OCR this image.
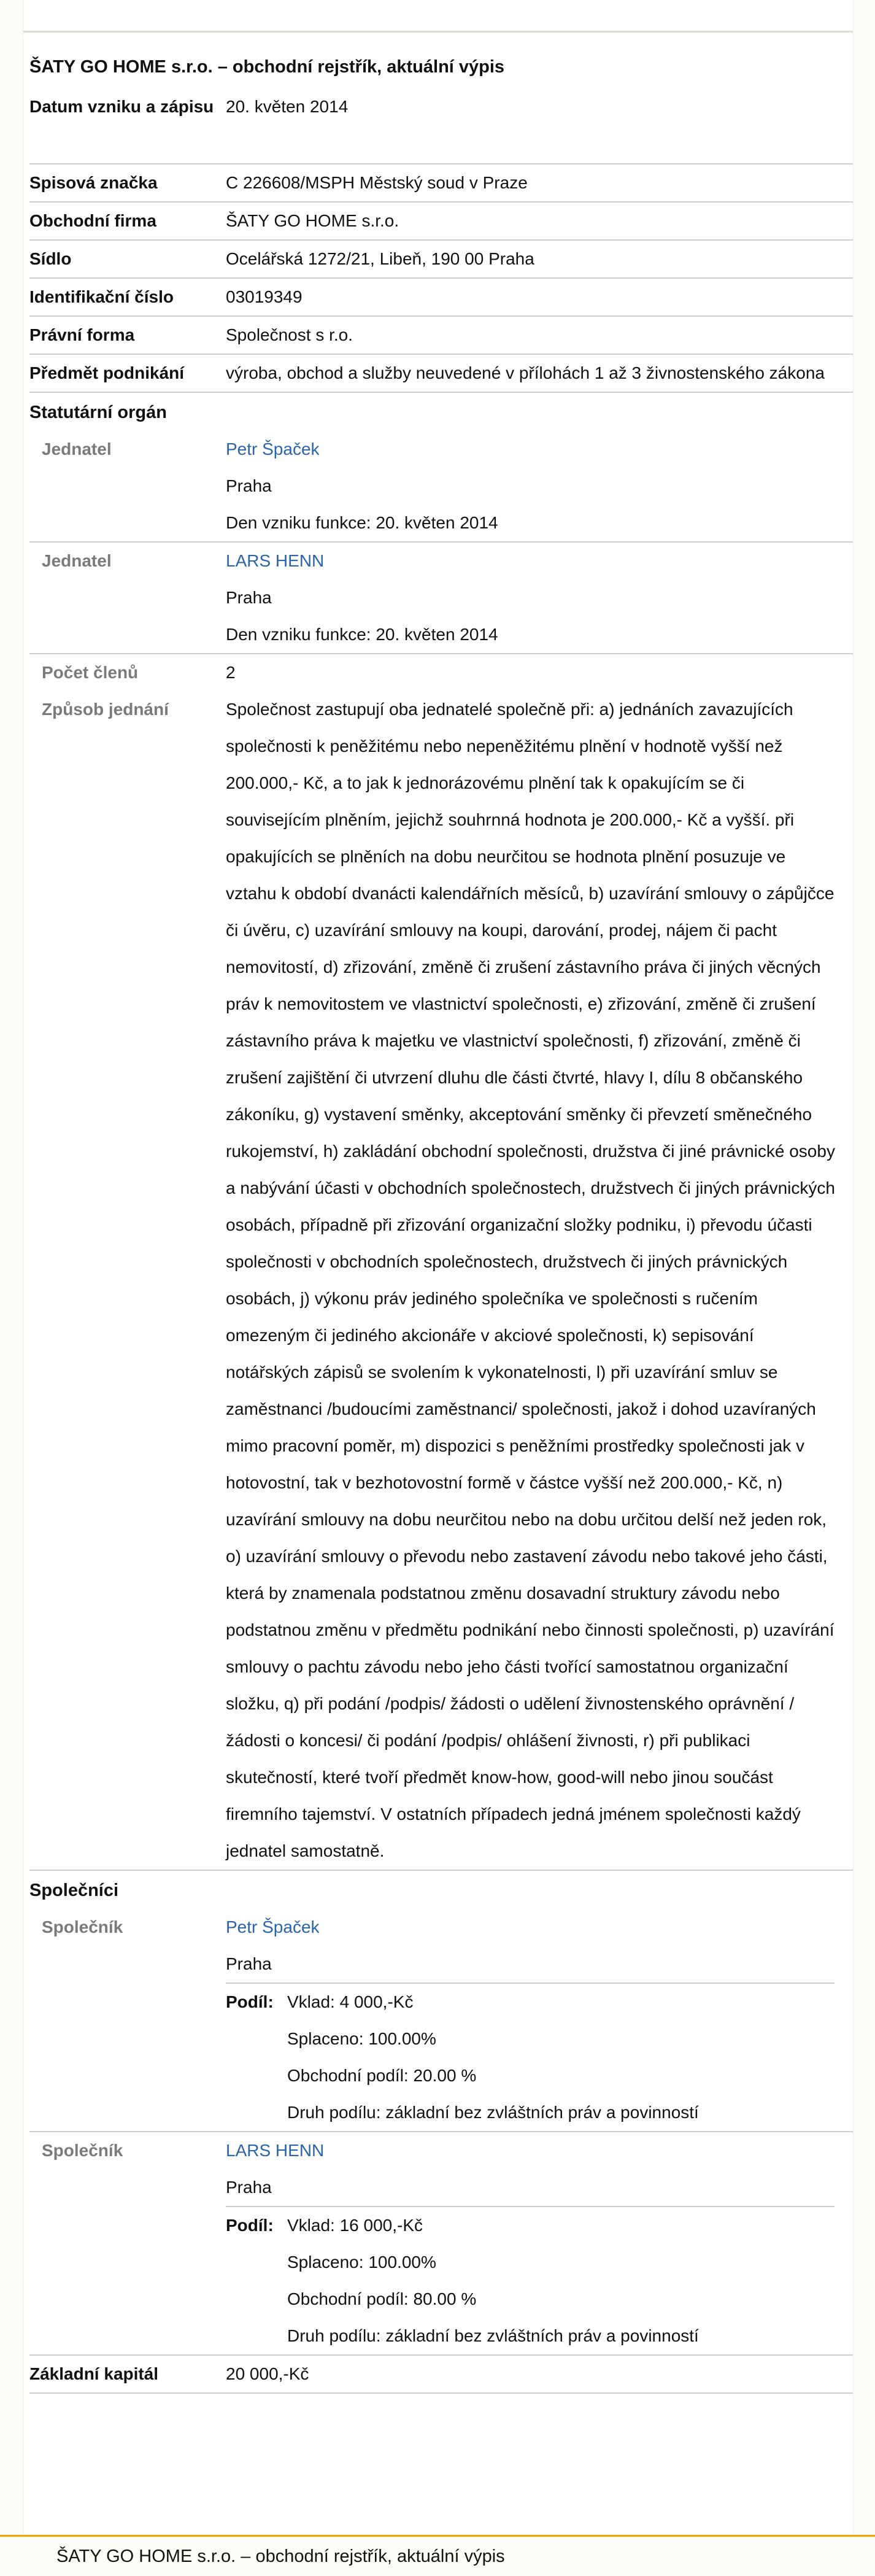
ŠATY GO HOME s.r.o. – obchodní rejstřík, aktuální výpis
Datum vzniku a zápisu 20. květen 2014
Spisová značka	C 226608/MSPH Městský soud v Praze
Obchodní firma	ŠATY GO HOME s.r.o.
Sídlo	Ocelářská 1272/21, Libeň, 190 00 Praha
Identifikační číslo	03019349
Právní forma	Společnost s r.o.
Předmět podnikání	výroba, obchod a služby neuvedené v přílohách 1 až 3 živnostenského zákona
Statutární orgán
Jednatel	Petr Špaček
Praha
Den vzniku funkce: 20. květen 2014
Jednatel	LARS HENN
Praha
Den vzniku funkce: 20. květen 2014
Počet členů	2
Způsob jednání	Společnost zastupují oba jednatelé společně při: a) jednáních zavazujících společnosti k peněžitému nebo nepeněžitému plnění v hodnotě vyšší než 200.000,- Kč, a to jak k jednorázovému plnění tak k opakujícím se či souvisejícím plněním, jejichž souhrnná hodnota je 200.000,- Kč a vyšší. při opakujících se plněních na dobu neurčitou se hodnota plnění posuzuje ve vztahu k období dvanácti kalendářních měsíců, b) uzavírání smlouvy o zápůjčce či úvěru, c) uzavírání smlouvy na koupi, darování, prodej, nájem či pacht nemovitostí, d) zřizování, změně či zrušení zástavního práva či jiných věcných práv k nemovitostem ve vlastnictví společnosti, e) zřizování, změně či zrušení zástavního práva k majetku ve vlastnictví společnosti, f) zřizování, změně či zrušení zajištění či utvrzení dluhu dle části čtvrté, hlavy I, dílu 8 občanského zákoníku, g) vystavení směnky, akceptování směnky či převzetí směnečného rukojemství, h) zakládání obchodní společnosti, družstva či jiné právnické osoby a nabývání účasti v obchodních společnostech, družstvech či jiných právnických osobách, případně při zřizování organizační složky podniku, i) převodu účasti společnosti v obchodních společnostech, družstvech či jiných právnických osobách, j) výkonu práv jediného společníka ve společnosti s ručením omezeným či jediného akcionáře v akciové společnosti, k) sepisování notářských zápisů se svolením k vykonatelnosti, l) při uzavírání smluv se zaměstnanci /budoucími zaměstnanci/ společnosti, jakož i dohod uzavíraných mimo pracovní poměr, m) dispozici s peněžními prostředky společnosti jak v hotovostní, tak v bezhotovostní formě v částce vyšší než 200.000,- Kč, n) uzavírání smlouvy na dobu neurčitou nebo na dobu určitou delší než jeden rok, o) uzavírání smlouvy o převodu nebo zastavení závodu nebo takové jeho části, která by znamenala podstatnou změnu dosavadní struktury závodu nebo podstatnou změnu v předmětu podnikání nebo činnosti společnosti, p) uzavírání smlouvy o pachtu závodu nebo jeho části tvořící samostatnou organizační složku, q) při podání /podpis/ žádosti o udělení živnostenského oprávnění /žádosti o koncesi/ či podání /podpis/ ohlášení živnosti, r) při publikaci skutečností, které tvoří předmět know-how, good-will nebo jinou součást firemního tajemství. V ostatních případech jedná jménem společnosti každý jednatel samostatně.
Společníci
Společník	Petr Špaček
Praha
Podíl: Vklad: 4 000,-Kč
Splaceno: 100.00%
Obchodní podíl: 20.00 %
Druh podílu: základní bez zvláštních práv a povinností
Společník	LARS HENN
Praha
Podíl: Vklad: 16 000,-Kč
Splaceno: 100.00%
Obchodní podíl: 80.00 %
Druh podílu: základní bez zvláštních práv a povinností
Základní kapitál	20 000,-Kč
ŠATY GO HOME s.r.o. – obchodní rejstřík, aktuální výpis
